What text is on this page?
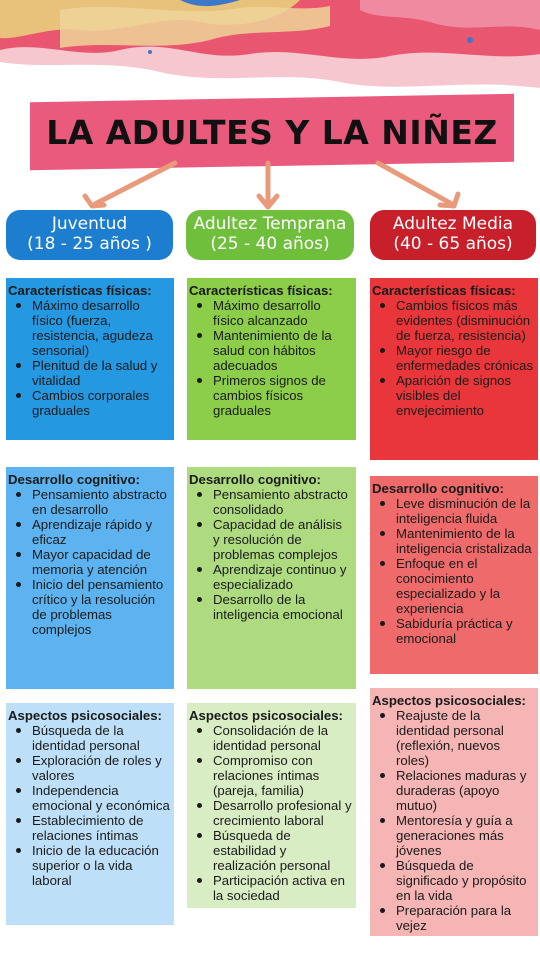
LA ADULTES Y LA NIÑEZ
Juventud
(18 - 25 años )
Características físicas:
Máximo desarrollo físico (fuerza, resistencia, agudeza sensorial)
Plenitud de la salud y vitalidad
Cambios corporales graduales
Desarrollo cognitivo:
Pensamiento abstracto en desarrollo
Aprendizaje rápido y eficaz
Mayor capacidad de memoria y atención
Inicio del pensamiento crítico y la resolución de problemas complejos
Aspectos psicosociales:
Búsqueda de la identidad personal
Exploración de roles y valores
Independencia emocional y económica
Establecimiento de relaciones íntimas
Inicio de la educación superior o la vida laboral
Adultez Temprana
(25 - 40 años)
Características físicas:
Máximo desarrollo físico alcanzado
Mantenimiento de la salud con hábitos adecuados
Primeros signos de cambios físicos graduales
Desarrollo cognitivo:
Pensamiento abstracto consolidado
Capacidad de análisis y resolución de problemas complejos
Aprendizaje continuo y especializado
Desarrollo de la inteligencia emocional
Aspectos psicosociales:
Consolidación de la identidad personal
Compromiso con relaciones íntimas (pareja, familia)
Desarrollo profesional y crecimiento laboral
Búsqueda de estabilidad y realización personal
Participación activa en la sociedad
Adultez Media
(40 - 65 años)
Características físicas:
Cambios físicos más evidentes (disminución de fuerza, resistencia)
Mayor riesgo de enfermedades crónicas
Aparición de signos visibles del envejecimiento
Desarrollo cognitivo:
Leve disminución de la inteligencia fluida
Mantenimiento de la inteligencia cristalizada
Enfoque en el conocimiento especializado y la experiencia
Sabiduría práctica y emocional
Aspectos psicosociales:
Reajuste de la identidad personal (reflexión, nuevos roles)
Relaciones maduras y duraderas (apoyo mutuo)
Mentoresía y guía a generaciones más jóvenes
Búsqueda de significado y propósito en la vida
Preparación para la vejez
